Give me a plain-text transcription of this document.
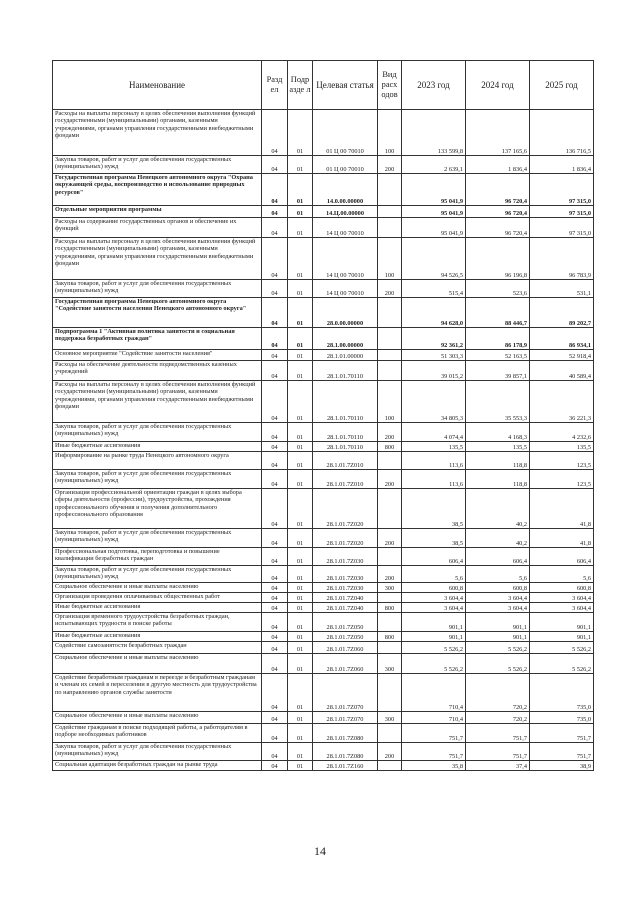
Наименование	Разд ел	Подр азде л	Целевая статья	Вид расх одов	2023 год	2024 год	2025 год
Расходы на выплаты персоналу в целях обеспечения выполнения функций государственными (муниципальными) органами, казенными учреждениями, органами управления государственными внебюджетными фондами	04	01	01 Ц 00 70010	100	133 599,8	137 165,6	136 716,5
Закупка товаров, работ и услуг для обеспечения государственных (муниципальных) нужд	04	01	01 Ц 00 70010	200	2 639,1	1 836,4	1 836,4
Государственная программа Ненецкого автономного округа "Охрана окружающей среды, воспроизводство и использование природных ресурсов"	04	01	14.0.00.00000		95 041,9	96 720,4	97 315,0
Отдельные мероприятия программы	04	01	14.Ц.00.00000		95 041,9	96 720,4	97 315,0
Расходы на содержание государственных органов и обеспечение их функций	04	01	14 Ц 00 70010		95 041,9	96 720,4	97 315,0
Расходы на выплаты персоналу в целях обеспечения выполнения функций государственными (муниципальными) органами, казенными учреждениями, органами управления государственными внебюджетными фондами	04	01	14 Ц 00 70010	100	94 526,5	96 196,8	96 783,9
Закупка товаров, работ и услуг для обеспечения государственных (муниципальных) нужд	04	01	14 Ц 00 70010	200	515,4	523,6	531,1
Государственная программа Ненецкого автономного округа "Содействие занятости населения Ненецкого автономного округа"	04	01	28.0.00.00000		94 628,0	88 446,7	89 202,7
Подпрограмма 1 "Активная политика занятости и социальная поддержка безработных граждан"	04	01	28.1.00.00000		92 361,2	86 178,9	86 934,1
Основное мероприятие "Содействие занятости населения"	04	01	28.1.01.00000		51 303,3	52 163,5	52 918,4
Расходы на обеспечение деятельности подведомственных казенных учреждений	04	01	28.1.01.70110		39 015,2	39 857,1	40 589,4
Расходы на выплаты персоналу в целях обеспечения выполнения функций государственными (муниципальными) органами, казенными учреждениями, органами управления государственными внебюджетными фондами	04	01	28.1.01.70110	100	34 805,3	35 553,3	36 221,3
Закупка товаров, работ и услуг для обеспечения государственных (муниципальных) нужд	04	01	28.1.01.70110	200	4 074,4	4 168,3	4 232,6
Иные бюджетные ассигнования	04	01	28.1.01.70110	800	135,5	135,5	135,5
Информирование на рынке труда Ненецкого автономного округа	04	01	28.1.01.7Z010		113,6	118,8	123,5
Закупка товаров, работ и услуг для обеспечения государственных (муниципальных) нужд	04	01	28.1.01.7Z010	200	113,6	118,8	123,5
Организация профессиональной ориентации граждан в целях выбора сферы деятельности (профессии), трудоустройства, прохождения профессионального обучения и получения дополнительного профессионального образования	04	01	28.1.01.7Z020		38,5	40,2	41,8
Закупка товаров, работ и услуг для обеспечения государственных (муниципальных) нужд	04	01	28.1.01.7Z020	200	38,5	40,2	41,8
Профессиональная подготовка, переподготовка и повышение квалификации безработных граждан	04	01	28.1.01.7Z030		606,4	606,4	606,4
Закупка товаров, работ и услуг для обеспечения государственных (муниципальных) нужд	04	01	28.1.01.7Z030	200	5,6	5,6	5,6
Социальное обеспечение и иные выплаты населению	04	01	28.1.01.7Z030	300	600,8	600,8	600,8
Организация проведения оплачиваемых общественных работ	04	01	28.1.01.7Z040		3 604,4	3 604,4	3 604,4
Иные бюджетные ассигнования	04	01	28.1.01.7Z040	800	3 604,4	3 604,4	3 604,4
Организация временного трудоустройства безработных граждан, испытывающих трудности в поиске работы	04	01	28.1.01.7Z050		901,1	901,1	901,1
Иные бюджетные ассигнования	04	01	28.1.01.7Z050	800	901,1	901,1	901,1
Содействие самозанятости безработных граждан	04	01	28.1.01.7Z060		5 526,2	5 526,2	5 526,2
Социальное обеспечение и иные выплаты населению	04	01	28.1.01.7Z060	300	5 526,2	5 526,2	5 526,2
Содействие безработным гражданам в переезде и безработным гражданам и членам их семей в переселении в другую местность для трудоустройства по направлению органов службы занятости	04	01	28.1.01.7Z070		710,4	720,2	735,0
Социальное обеспечение и иные выплаты населению	04	01	28.1.01.7Z070	300	710,4	720,2	735,0
Содействие гражданам в поиске подходящей работы, а работодателям в подборе необходимых работников	04	01	28.1.01.7Z080		751,7	751,7	751,7
Закупка товаров, работ и услуг для обеспечения государственных (муниципальных) нужд	04	01	28.1.01.7Z080	200	751,7	751,7	751,7
Социальная адаптация безработных граждан на рынке труда	04	01	28.1.01.7Z160		35,8	37,4	38,9
14
